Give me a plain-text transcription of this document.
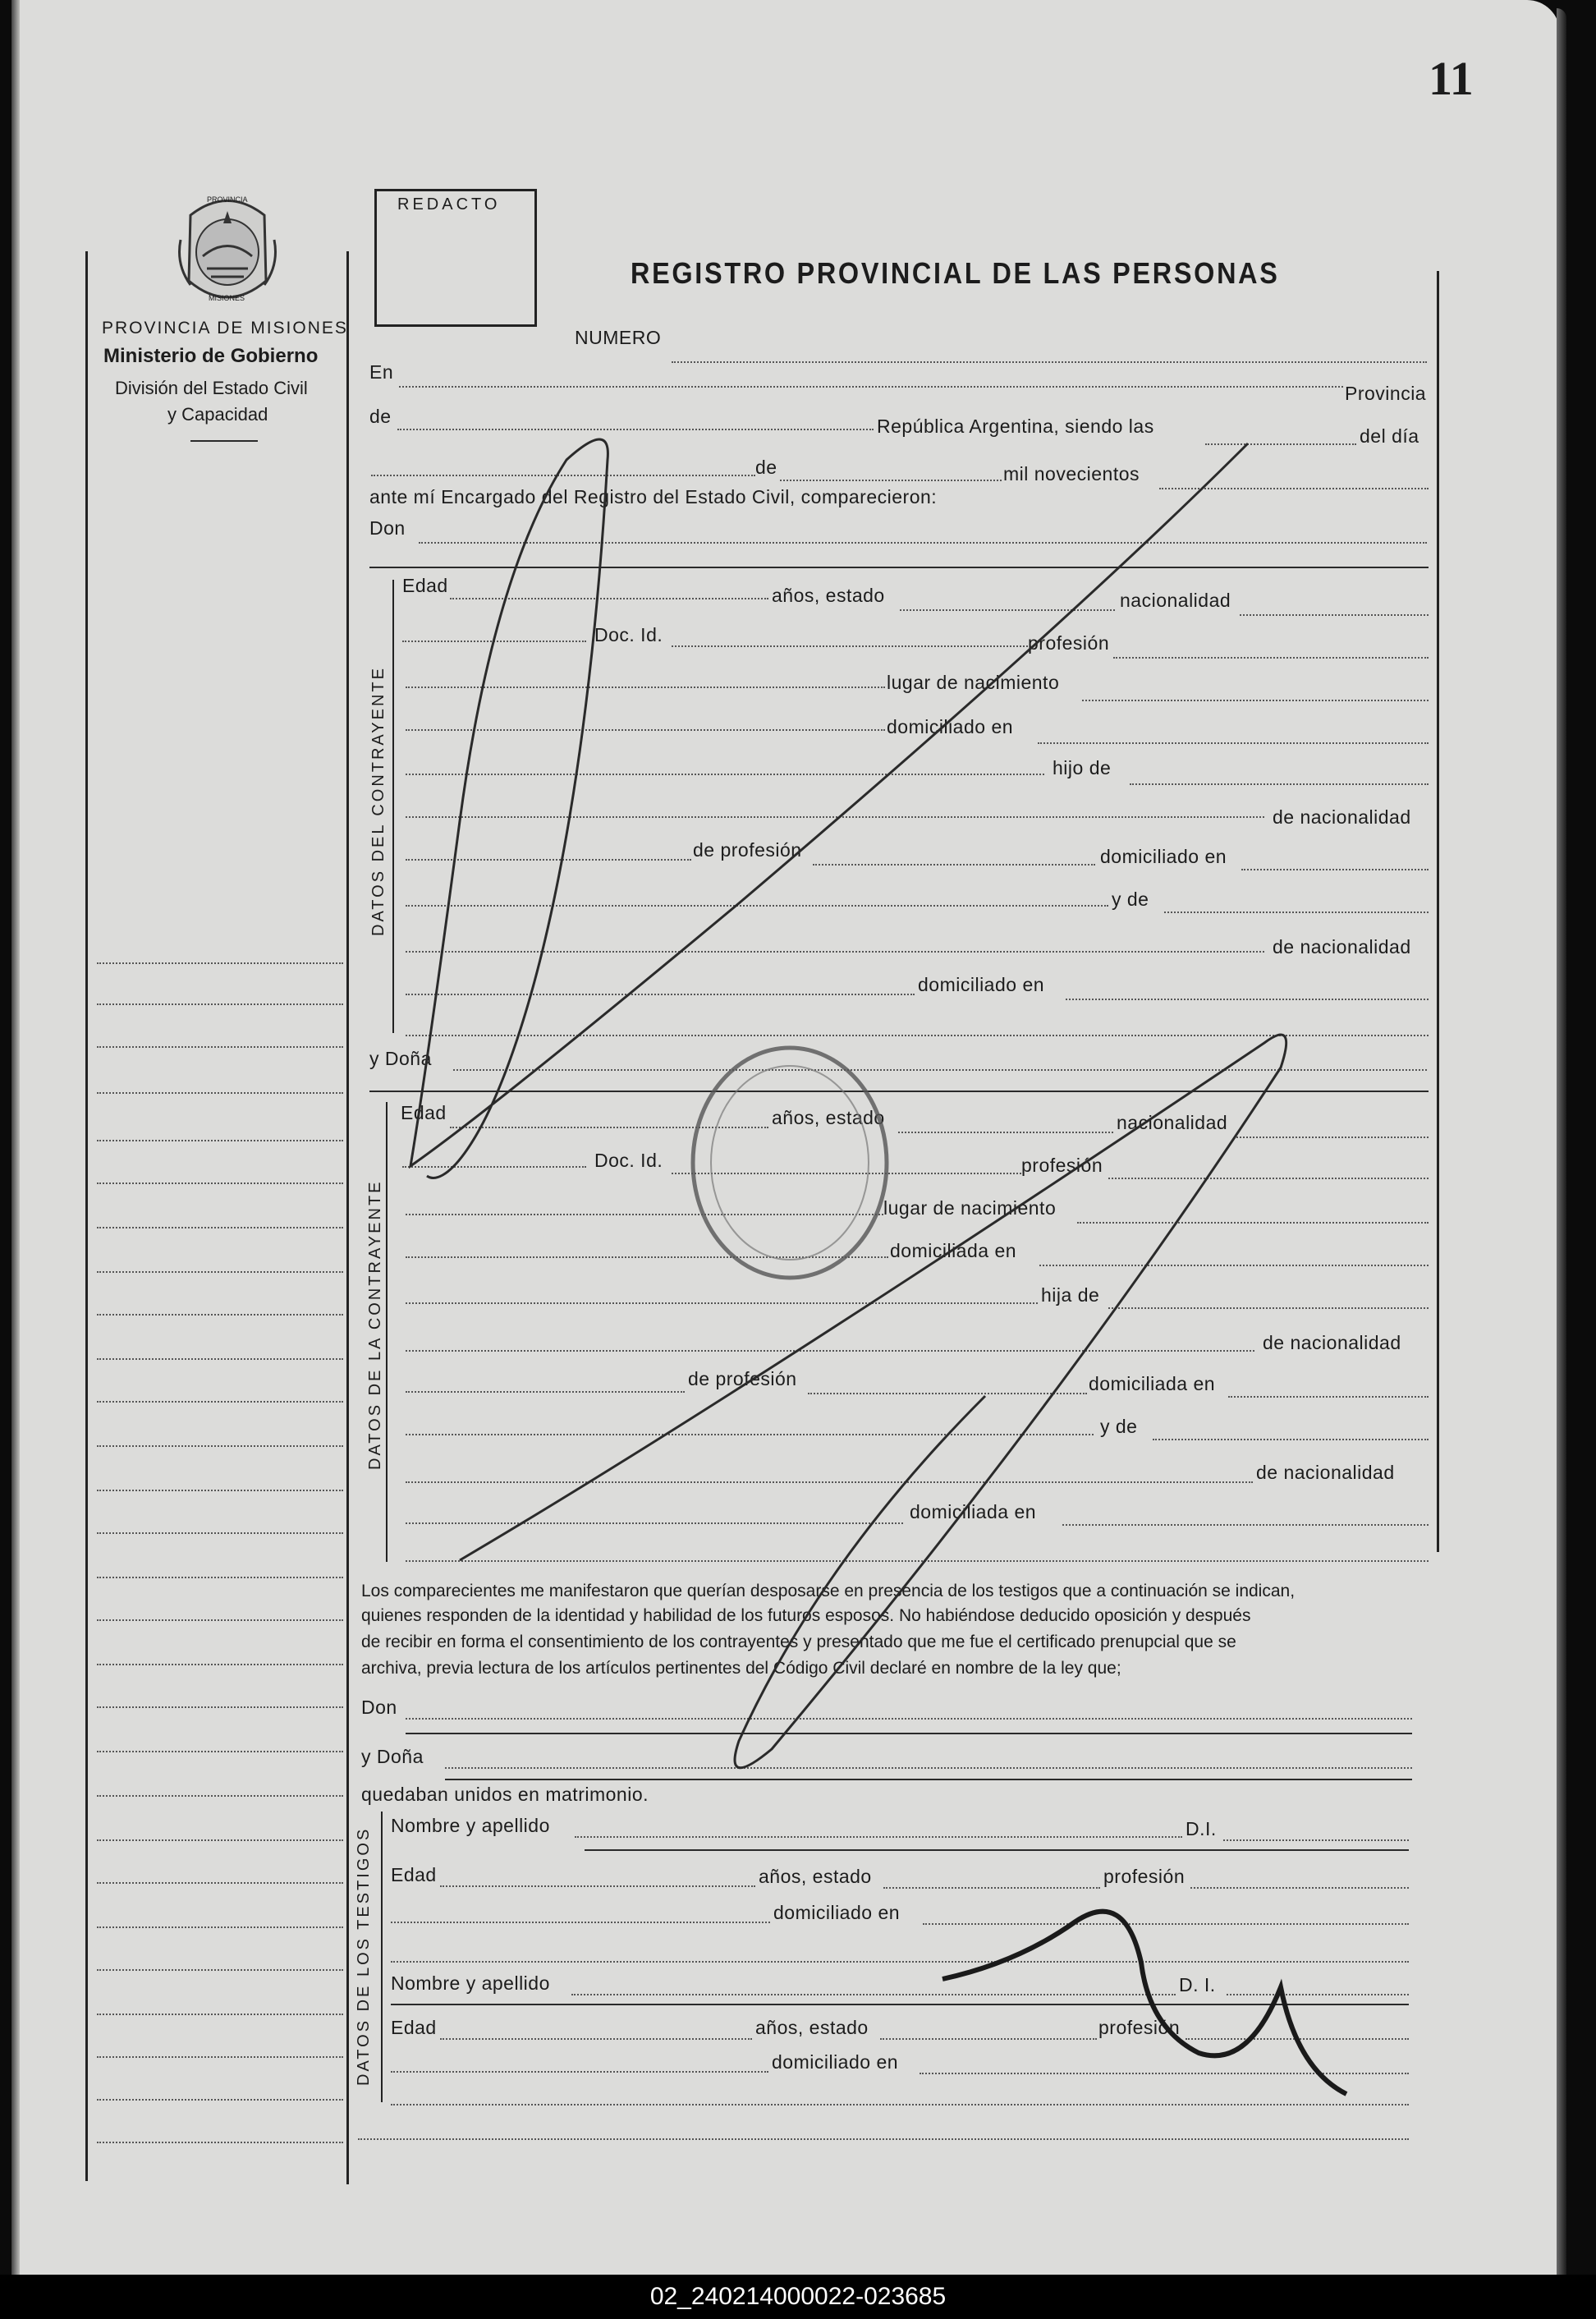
11
PROVINCIA
MISIONES
PROVINCIA DE MISIONES
Ministerio de Gobierno
División del Estado Civil
y Capacidad
REDACTO
REGISTRO PROVINCIAL DE LAS PERSONAS
NUMERO
En
Provincia
de	República Argentina, siendo las	del día
de	mil novecientos
ante mí Encargado del Registro del Estado Civil, comparecieron:
Don
DATOS DEL CONTRAYENTE
Edad	años, estado	nacionalidad
Doc. Id.	profesión
lugar de nacimiento
domiciliado en
hijo de
de nacionalidad
de profesión	domiciliado en
y de
de nacionalidad
domiciliado en
y Doña
DATOS DE LA CONTRAYENTE
Edad	años, estado	nacionalidad
Doc. Id.	profesión
lugar de nacimiento
domiciliada en
hija de
de nacionalidad
de profesión	domiciliada en
y de
de nacionalidad
domiciliada en
Los comparecientes me manifestaron que querían desposarse en presencia de los testigos que a continuación se indican,
quienes responden de la identidad y habilidad de los futuros esposos. No habiéndose deducido oposición y después
de recibir en forma el consentimiento de los contrayentes y presentado que me fue el certificado prenupcial que se
archiva, previa lectura de los artículos pertinentes del Código Civil declaré en nombre de la ley que;
Don
y Doña
quedaban unidos en matrimonio.
DATOS DE LOS TESTIGOS
Nombre y apellido	D.I.
Edad	años, estado	profesión
domiciliado en
Nombre y apellido	D. I.
Edad	años, estado	profesión
domiciliado en
02_240214000022-023685
